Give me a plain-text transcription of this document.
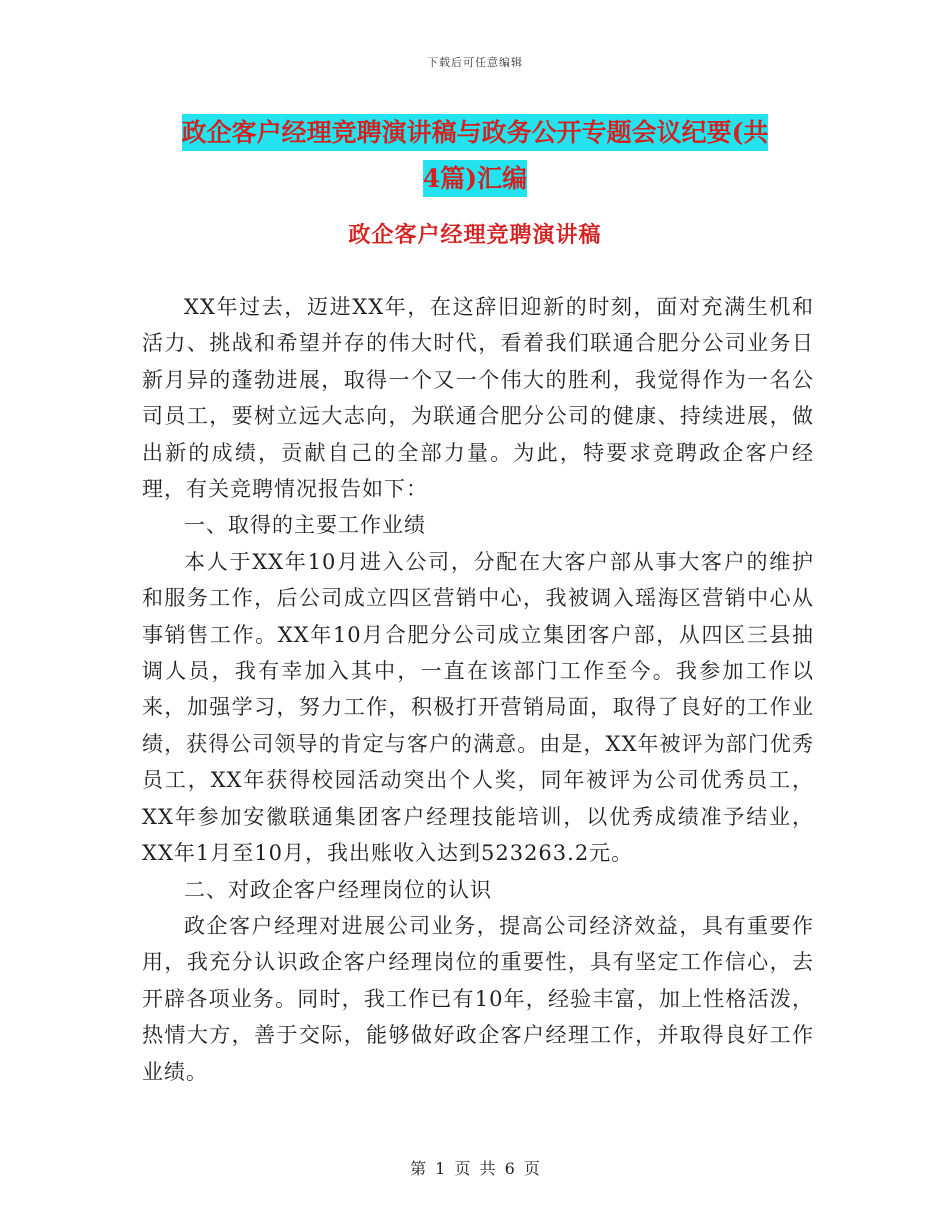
下载后可任意编辑
政企客户经理竞聘演讲稿与政务公开专题会议纪要(共
4篇)汇编
政企客户经理竞聘演讲稿

XX年过去，迈进XX年，在这辞旧迎新的时刻，面对充满生机和活力、挑战和希望并存的伟大时代，看着我们联通合肥分公司业务日新月异的蓬勃进展，取得一个又一个伟大的胜利，我觉得作为一名公司员工，要树立远大志向，为联通合肥分公司的健康、持续进展，做出新的成绩，贡献自己的全部力量。为此，特要求竞聘政企客户经理，有关竞聘情况报告如下：

一、取得的主要工作业绩

本人于XX年10月进入公司，分配在大客户部从事大客户的维护和服务工作，后公司成立四区营销中心，我被调入瑶海区营销中心从事销售工作。XX年10月合肥分公司成立集团客户部，从四区三县抽调人员，我有幸加入其中，一直在该部门工作至今。我参加工作以来，加强学习，努力工作，积极打开营销局面，取得了良好的工作业绩，获得公司领导的肯定与客户的满意。由是，XX年被评为部门优秀员工，XX年获得校园活动突出个人奖，同年被评为公司优秀员工，XX年参加安徽联通集团客户经理技能培训，以优秀成绩准予结业，XX年1月至10月，我出账收入达到523263.2元。

二、对政企客户经理岗位的认识

政企客户经理对进展公司业务，提高公司经济效益，具有重要作用，我充分认识政企客户经理岗位的重要性，具有坚定工作信心，去开辟各项业务。同时，我工作已有10年，经验丰富，加上性格活泼，热情大方，善于交际，能够做好政企客户经理工作，并取得良好工作业绩。

第 1 页 共 6 页
